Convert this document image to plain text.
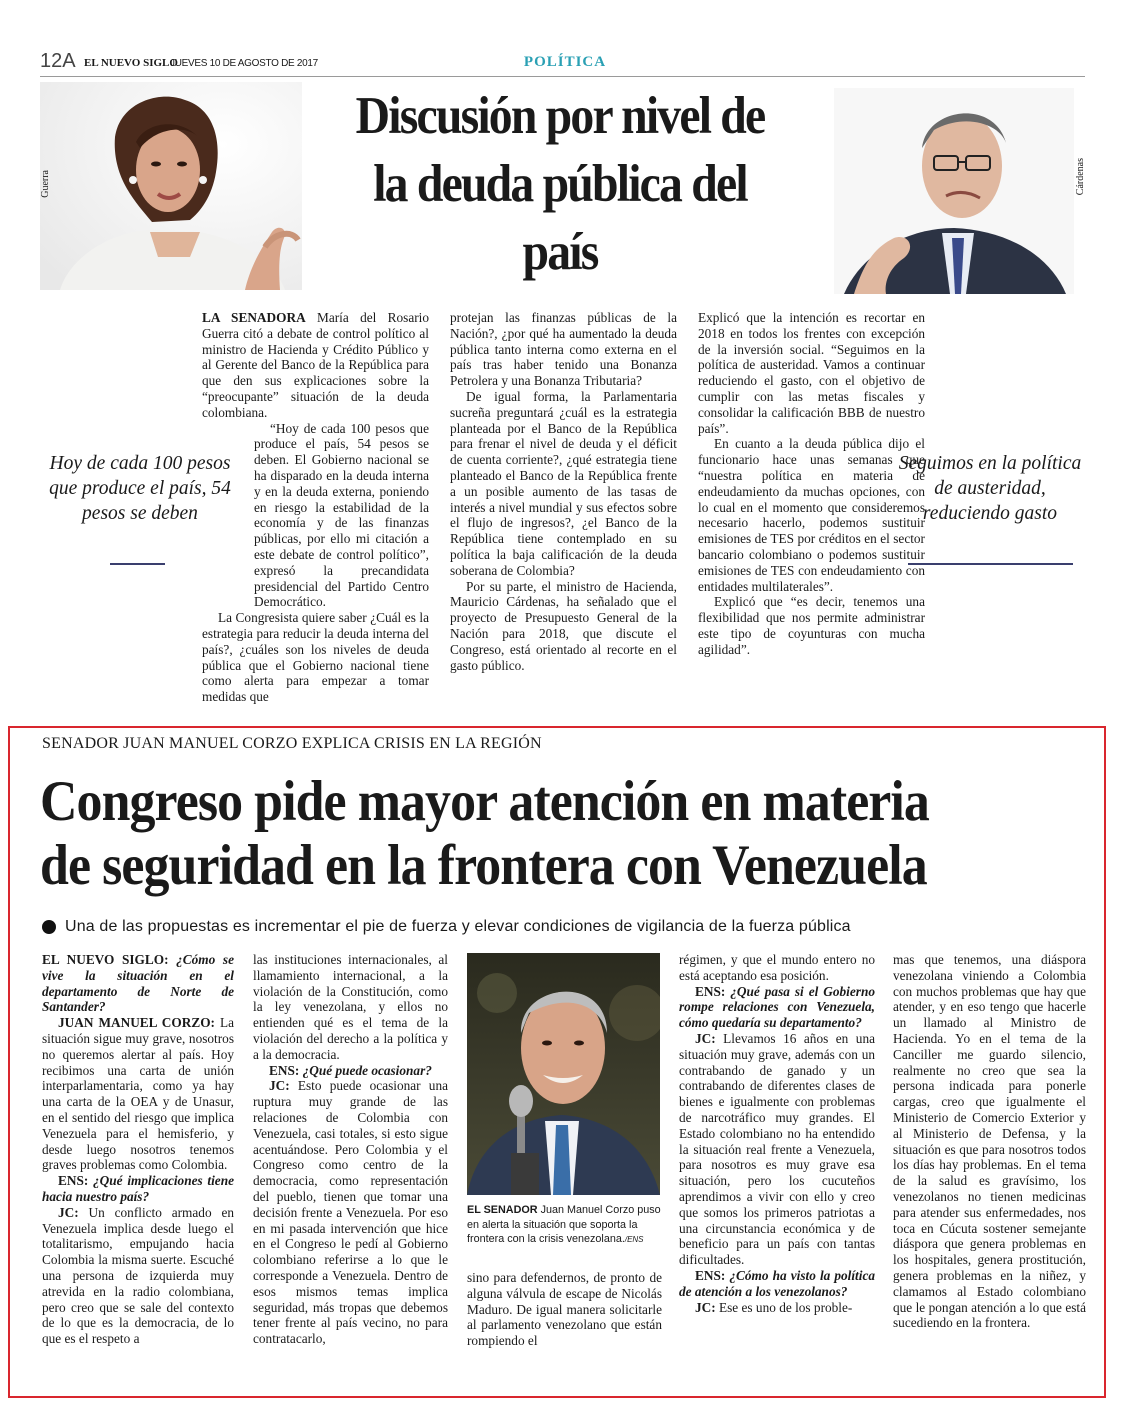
12A EL NUEVO SIGLO
JUEVES 10 DE AGOSTO DE 2017	POLÍTICA
Discusión por nivel de la deuda pública del país
Guerra	Cárdenas
Hoy de cada 100 pesos que produce el país, 54 pesos se deben
Seguimos en la política de austeridad, reduciendo gasto

LA SENADORA María del Rosario Guerra citó a debate de control político al ministro de Hacienda y Crédito Público y al Gerente del Banco de la República para que den sus explicaciones sobre la “preocupante” situación de la deuda colombiana.

“Hoy de cada 100 pesos que produce el país, 54 pesos se deben. El Gobierno nacional se ha disparado en la deuda interna y en la deuda externa, poniendo en riesgo la estabilidad de la economía y de las finanzas públicas, por ello mi citación a este debate de control político”, expresó la precandidata presidencial del Partido Centro Democrático.

La Congresista quiere saber ¿Cuál es la estrategia para reducir la deuda interna del país?, ¿cuáles son los niveles de deuda pública que el Gobierno nacional tiene como alerta para empezar a tomar medidas que

protejan las finanzas públicas de la Nación?, ¿por qué ha aumentado la deuda pública tanto interna como externa en el país tras haber tenido una Bonanza Petrolera y una Bonanza Tributaria?

De igual forma, la Parlamentaria sucreña preguntará ¿cuál es la estrategia planteada por el Banco de la República para frenar el nivel de deuda y el déficit de cuenta corriente?, ¿qué estrategia tiene planteado el Banco de la República frente a un posible aumento de las tasas de interés a nivel mundial y sus efectos sobre el flujo de ingresos?, ¿el Banco de la República tiene contemplado en su política la baja calificación de la deuda soberana de Colombia?

Por su parte, el ministro de Hacienda, Mauricio Cárdenas, ha señalado que el proyecto de Presupuesto General de la Nación para 2018, que discute el Congreso, está orientado al recorte en el gasto público.

Explicó que la intención es recortar en 2018 en todos los frentes con excepción de la inversión social. “Seguimos en la política de austeridad. Vamos a continuar reduciendo el gasto, con el objetivo de cumplir con las metas fiscales y consolidar la calificación BBB de nuestro país”.

En cuanto a la deuda pública dijo el funcionario hace unas semanas que “nuestra política en materia de endeudamiento da muchas opciones, con lo cual en el momento que consideremos necesario hacerlo, podemos sustituir emisiones de TES por créditos en el sector bancario colombiano o podemos sustituir emisiones de TES con endeudamiento con entidades multilaterales”.

Explicó que “es decir, tenemos una flexibilidad que nos permite administrar este tipo de coyunturas con mucha agilidad”.

SENADOR JUAN MANUEL CORZO EXPLICA CRISIS EN LA REGIÓN
Congreso pide mayor atención en materia
de seguridad en la frontera con Venezuela
Una de las propuestas es incrementar el pie de fuerza y elevar condiciones de vigilancia de la fuerza pública

EL NUEVO SIGLO: ¿Cómo se vive la situación en el departamento de Norte de Santander?

JUAN MANUEL CORZO: La situación sigue muy grave, nosotros no queremos alertar al país. Hoy recibimos una carta de unión interparlamentaria, como ya hay una carta de la OEA y de Unasur, en el sentido del riesgo que implica Venezuela para el hemisferio, y desde luego nosotros tenemos graves problemas como Colombia.

ENS: ¿Qué implicaciones tiene hacia nuestro país?

JC: Un conflicto armado en Venezuela implica desde luego el totalitarismo, empujando hacia Colombia la misma suerte. Escuché una persona de izquierda muy atrevida en la radio colombiana, pero creo que se sale del contexto de lo que es la democracia, de lo que es el respeto a

las instituciones internacionales, al llamamiento internacional, a la violación de la Constitución, como la ley venezolana, y ellos no entienden qué es el tema de la violación del derecho a la política y a la democracia.

ENS: ¿Qué puede ocasionar?

JC: Esto puede ocasionar una ruptura muy grande de las relaciones de Colombia con Venezuela, casi totales, si esto sigue acentuándose. Pero Colombia y el Congreso como centro de la democracia, como representación del pueblo, tienen que tomar una decisión frente a Venezuela. Por eso en mi pasada intervención que hice en el Congreso le pedí al Gobierno colombiano referirse a lo que le corresponde a Venezuela. Dentro de esos mismos temas implica seguridad, más tropas que debemos tener frente al país vecino, no para contratacarlo,

EL SENADOR Juan Manuel Corzo puso en alerta la situación que soporta la frontera con la crisis venezolana./ENS

sino para defendernos, de pronto de alguna válvula de escape de Nicolás Maduro. De igual manera solicitarle al parlamento venezolano que están rompiendo el

régimen, y que el mundo entero no está aceptando esa posición.

ENS: ¿Qué pasa si el Gobierno rompe relaciones con Venezuela, cómo quedaría su departamento?

JC: Llevamos 16 años en una situación muy grave, además con un contrabando de ganado y un contrabando de diferentes clases de bienes e igualmente con problemas de narcotráfico muy grandes. El Estado colombiano no ha entendido la situación real frente a Venezuela, para nosotros es muy grave esa situación, pero los cucuteños aprendimos a vivir con ello y creo que somos los primeros patriotas a una circunstancia económica y de beneficio para un país con tantas dificultades.

ENS: ¿Cómo ha visto la política de atención a los venezolanos?

JC: Ese es uno de los proble-

mas que tenemos, una diáspora venezolana viniendo a Colombia con muchos problemas que hay que atender, y en eso tengo que hacerle un llamado al Ministro de Hacienda. Yo en el tema de la Canciller me guardo silencio, realmente no creo que sea la persona indicada para ponerle cargas, creo que igualmente el Ministerio de Comercio Exterior y al Ministerio de Defensa, y la situación es que para nosotros todos los días hay problemas. En el tema de la salud es gravísimo, los venezolanos no tienen medicinas para atender sus enfermedades, nos toca en Cúcuta sostener semejante diáspora que genera problemas en los hospitales, genera prostitución, genera problemas en la niñez, y clamamos al Estado colombiano que le pongan atención a lo que está sucediendo en la frontera.
